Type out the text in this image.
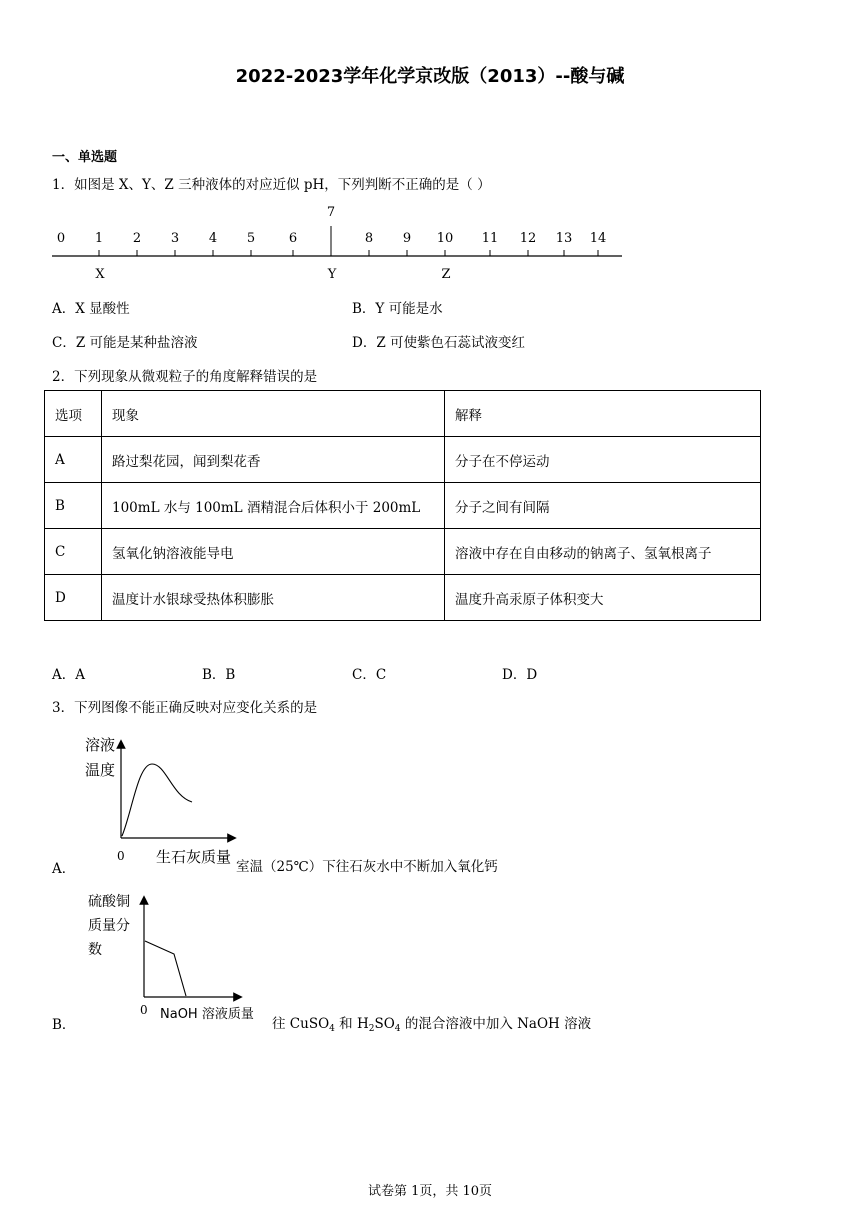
2022-2023学年化学京改版（2013）--酸与碱
一、单选题
1．如图是 X、Y、Z 三种液体的对应近似 pH，下列判断不正确的是（ ）
0 1 2 3 4 5	6
7
8 9 10 11 12 13 14
X	Y	Z
A．X 显酸性	B．Y 可能是水
C．Z 可能是某种盐溶液	D．Z 可使紫色石蕊试液变红
2．下列现象从微观粒子的角度解释错误的是
选项	现象	解释
A	路过梨花园，闻到梨花香	分子在不停运动
B	100mL 水与 100mL 酒精混合后体积小于 200mL	分子之间有间隔
C	氢氧化钠溶液能导电	溶液中存在自由移动的钠离子、氢氧根离子
D	温度计水银球受热体积膨胀	温度升高汞原子体积变大
A．A	B．B	C．C	D．D
3．下列图像不能正确反映对应变化关系的是
溶液
温度
0 生石灰质量
A．	室温（25℃）下往石灰水中不断加入氧化钙
硫酸铜
质量分
数
0 NaOH 溶液质量
B．	往 CuSO$_4$ 和 $H_2SO_4$ 的混合溶液中加入 NaOH 溶液
试卷第 1页，共 10页
